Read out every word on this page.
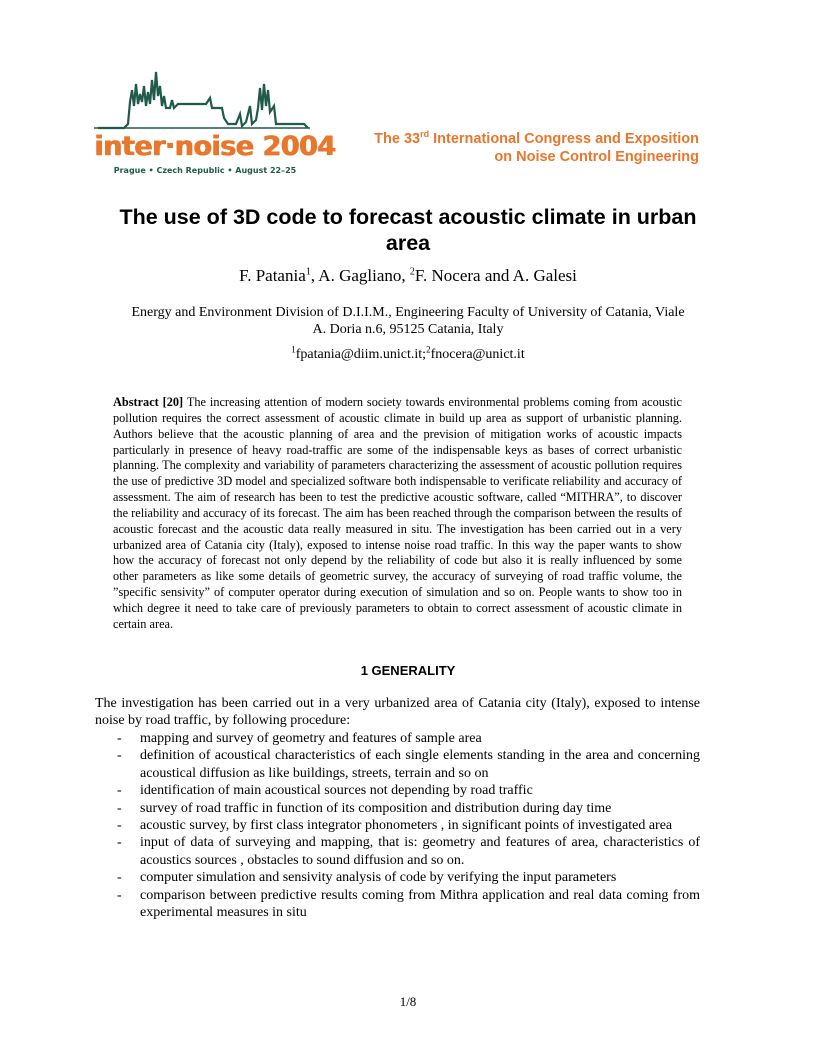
inter·noise 2004
Prague • Czech Republic • August 22–25
The 33rd International Congress and Exposition
on Noise Control Engineering
The use of 3D code to forecast acoustic climate in urban
area
F. Patania$^1$, A. Gagliano, $^2$F. Nocera and A. Galesi
Energy and Environment Division of D.I.I.M., Engineering Faculty of University of Catania, Viale
A. Doria n.6, 95125 Catania, Italy
$^1$fpatania@diim.unict.it;$^2$fnocera@unict.it
Abstract [20] The increasing attention of modern society towards environmental problems coming from acoustic pollution requires the correct assessment of acoustic climate in build up area as support of urbanistic planning. Authors believe that the acoustic planning of area and the prevision of mitigation works of acoustic impacts particularly in presence of heavy road-traffic are some of the indispensable keys as bases of correct urbanistic planning. The complexity and variability of parameters characterizing the assessment of acoustic pollution requires the use of predictive 3D model and specialized software both indispensable to verificate reliability and accuracy of assessment. The aim of research has been to test the predictive acoustic software, called “MITHRA”, to discover the reliability and accuracy of its forecast. The aim has been reached through the comparison between the results of acoustic forecast and the acoustic data really measured in situ. The investigation has been carried out in a very urbanized area of Catania city (Italy), exposed to intense noise road traffic. In this way the paper wants to show how the accuracy of forecast not only depend by the reliability of code but also it is really influenced by some other parameters as like some details of geometric survey, the accuracy of surveying of road traffic volume, the ”specific sensivity” of computer operator during execution of simulation and so on. People wants to show too in which degree it need to take care of previously parameters to obtain to correct assessment of acoustic climate in certain area.
1 GENERALITY
The investigation has been carried out in a very urbanized area of Catania city (Italy), exposed to intense noise by road traffic, by following procedure:
- mapping and survey of geometry and features of sample area
- definition of acoustical characteristics of each single elements standing in the area and concerning acoustical diffusion as like buildings, streets, terrain and so on
- identification of main acoustical sources not depending by road traffic
- survey of road traffic in function of its composition and distribution during day time
- acoustic survey, by first class integrator phonometers , in significant points of investigated area
- input of data of surveying and mapping, that is: geometry and features of area, characteristics of acoustics sources , obstacles to sound diffusion and so on.
- computer simulation and sensivity analysis of code by verifying the input parameters
- comparison between predictive results coming from Mithra application and real data coming from experimental measures in situ
1/8
